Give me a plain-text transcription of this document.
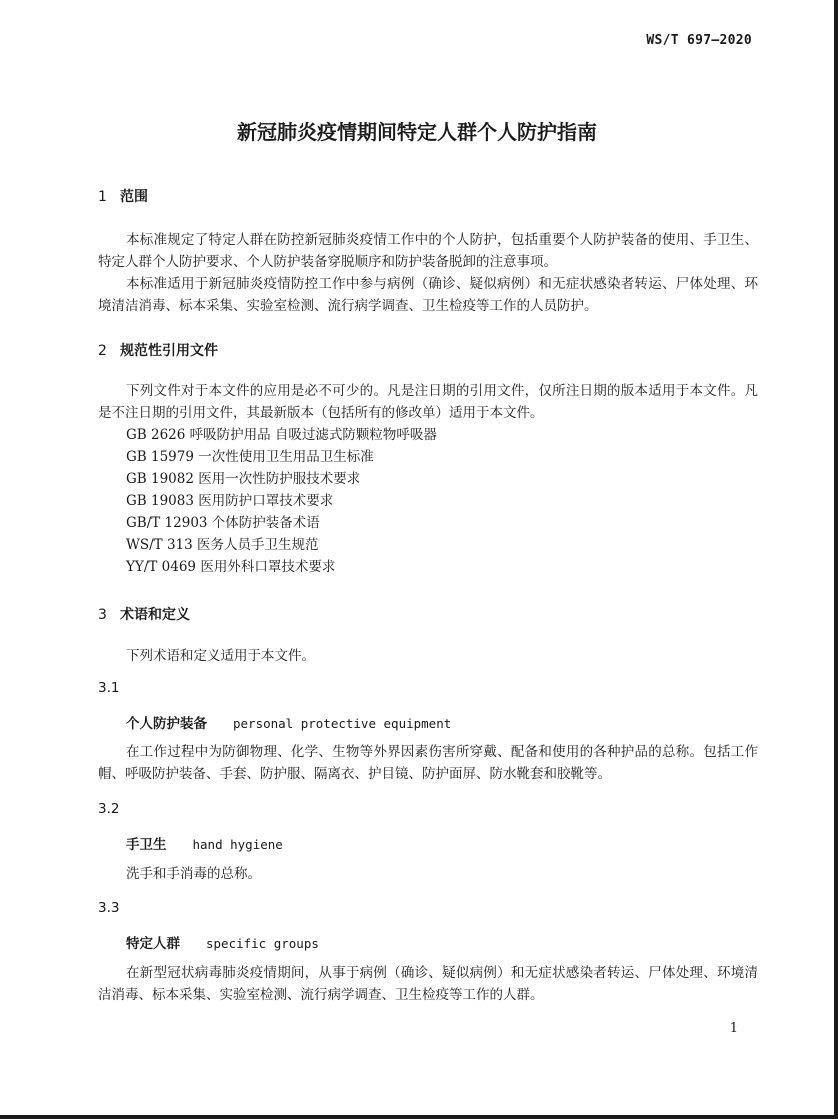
WS/T 697—2020
新冠肺炎疫情期间特定人群个人防护指南
1 范围
本标准规定了特定人群在防控新冠肺炎疫情工作中的个人防护，包括重要个人防护装备的使用、手卫生、特定人群个人防护要求、个人防护装备穿脱顺序和防护装备脱卸的注意事项。
本标准适用于新冠肺炎疫情防控工作中参与病例（确诊、疑似病例）和无症状感染者转运、尸体处理、环境清洁消毒、标本采集、实验室检测、流行病学调查、卫生检疫等工作的人员防护。
2 规范性引用文件
下列文件对于本文件的应用是必不可少的。凡是注日期的引用文件，仅所注日期的版本适用于本文件。凡是不注日期的引用文件，其最新版本（包括所有的修改单）适用于本文件。
GB 2626 呼吸防护用品 自吸过滤式防颗粒物呼吸器
GB 15979 一次性使用卫生用品卫生标准
GB 19082 医用一次性防护服技术要求
GB 19083 医用防护口罩技术要求
GB/T 12903 个体防护装备术语
WS/T 313 医务人员手卫生规范
YY/T 0469 医用外科口罩技术要求
3 术语和定义
下列术语和定义适用于本文件。
3.1
个人防护装备 personal protective equipment
在工作过程中为防御物理、化学、生物等外界因素伤害所穿戴、配备和使用的各种护品的总称。包括工作帽、呼吸防护装备、手套、防护服、隔离衣、护目镜、防护面屏、防水靴套和胶靴等。
3.2
手卫生 hand hygiene
洗手和手消毒的总称。
3.3
特定人群 specific groups
在新型冠状病毒肺炎疫情期间，从事于病例（确诊、疑似病例）和无症状感染者转运、尸体处理、环境清洁消毒、标本采集、实验室检测、流行病学调查、卫生检疫等工作的人群。
1
